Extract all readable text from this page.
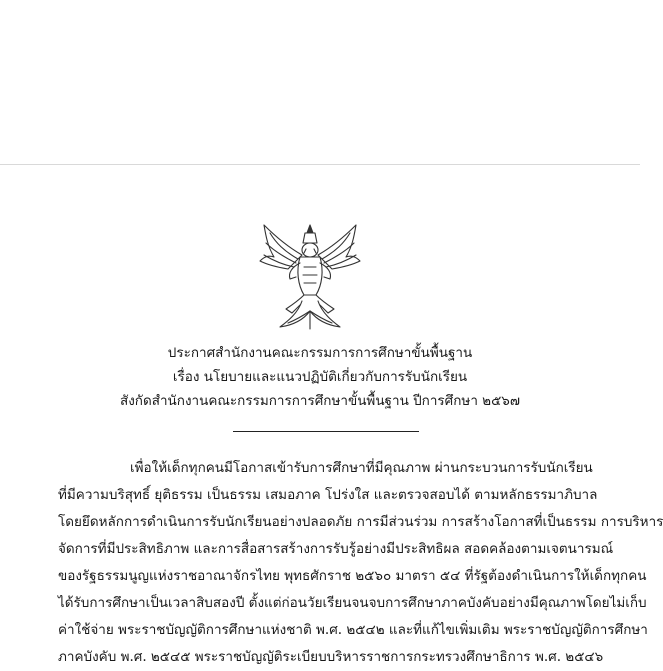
ประกาศสำนักงานคณะกรรมการการศึกษาขั้นพื้นฐาน
เรื่อง นโยบายและแนวปฏิบัติเกี่ยวกับการรับนักเรียน
สังกัดสำนักงานคณะกรรมการการศึกษาขั้นพื้นฐาน ปีการศึกษา ๒๕๖๗
เพื่อให้เด็กทุกคนมีโอกาสเข้ารับการศึกษาที่มีคุณภาพ ผ่านกระบวนการรับนักเรียน
ที่มีความบริสุทธิ์ ยุติธรรม เป็นธรรม เสมอภาค โปร่งใส และตรวจสอบได้ ตามหลักธรรมาภิบาล
โดยยึดหลักการดำเนินการรับนักเรียนอย่างปลอดภัย การมีส่วนร่วม การสร้างโอกาสที่เป็นธรรม การบริหาร
จัดการที่มีประสิทธิภาพ และการสื่อสารสร้างการรับรู้อย่างมีประสิทธิผล สอดคล้องตามเจตนารมณ์
ของรัฐธรรมนูญแห่งราชอาณาจักรไทย พุทธศักราช ๒๕๖๐ มาตรา ๕๔ ที่รัฐต้องดำเนินการให้เด็กทุกคน
ได้รับการศึกษาเป็นเวลาสิบสองปี ตั้งแต่ก่อนวัยเรียนจนจบการศึกษาภาคบังคับอย่างมีคุณภาพโดยไม่เก็บ
ค่าใช้จ่าย พระราชบัญญัติการศึกษาแห่งชาติ พ.ศ. ๒๕๔๒ และที่แก้ไขเพิ่มเติม พระราชบัญญัติการศึกษา
ภาคบังคับ พ.ศ. ๒๕๔๕ พระราชบัญญัติระเบียบบริหารราชการกระทรวงศึกษาธิการ พ.ศ. ๒๕๔๖
